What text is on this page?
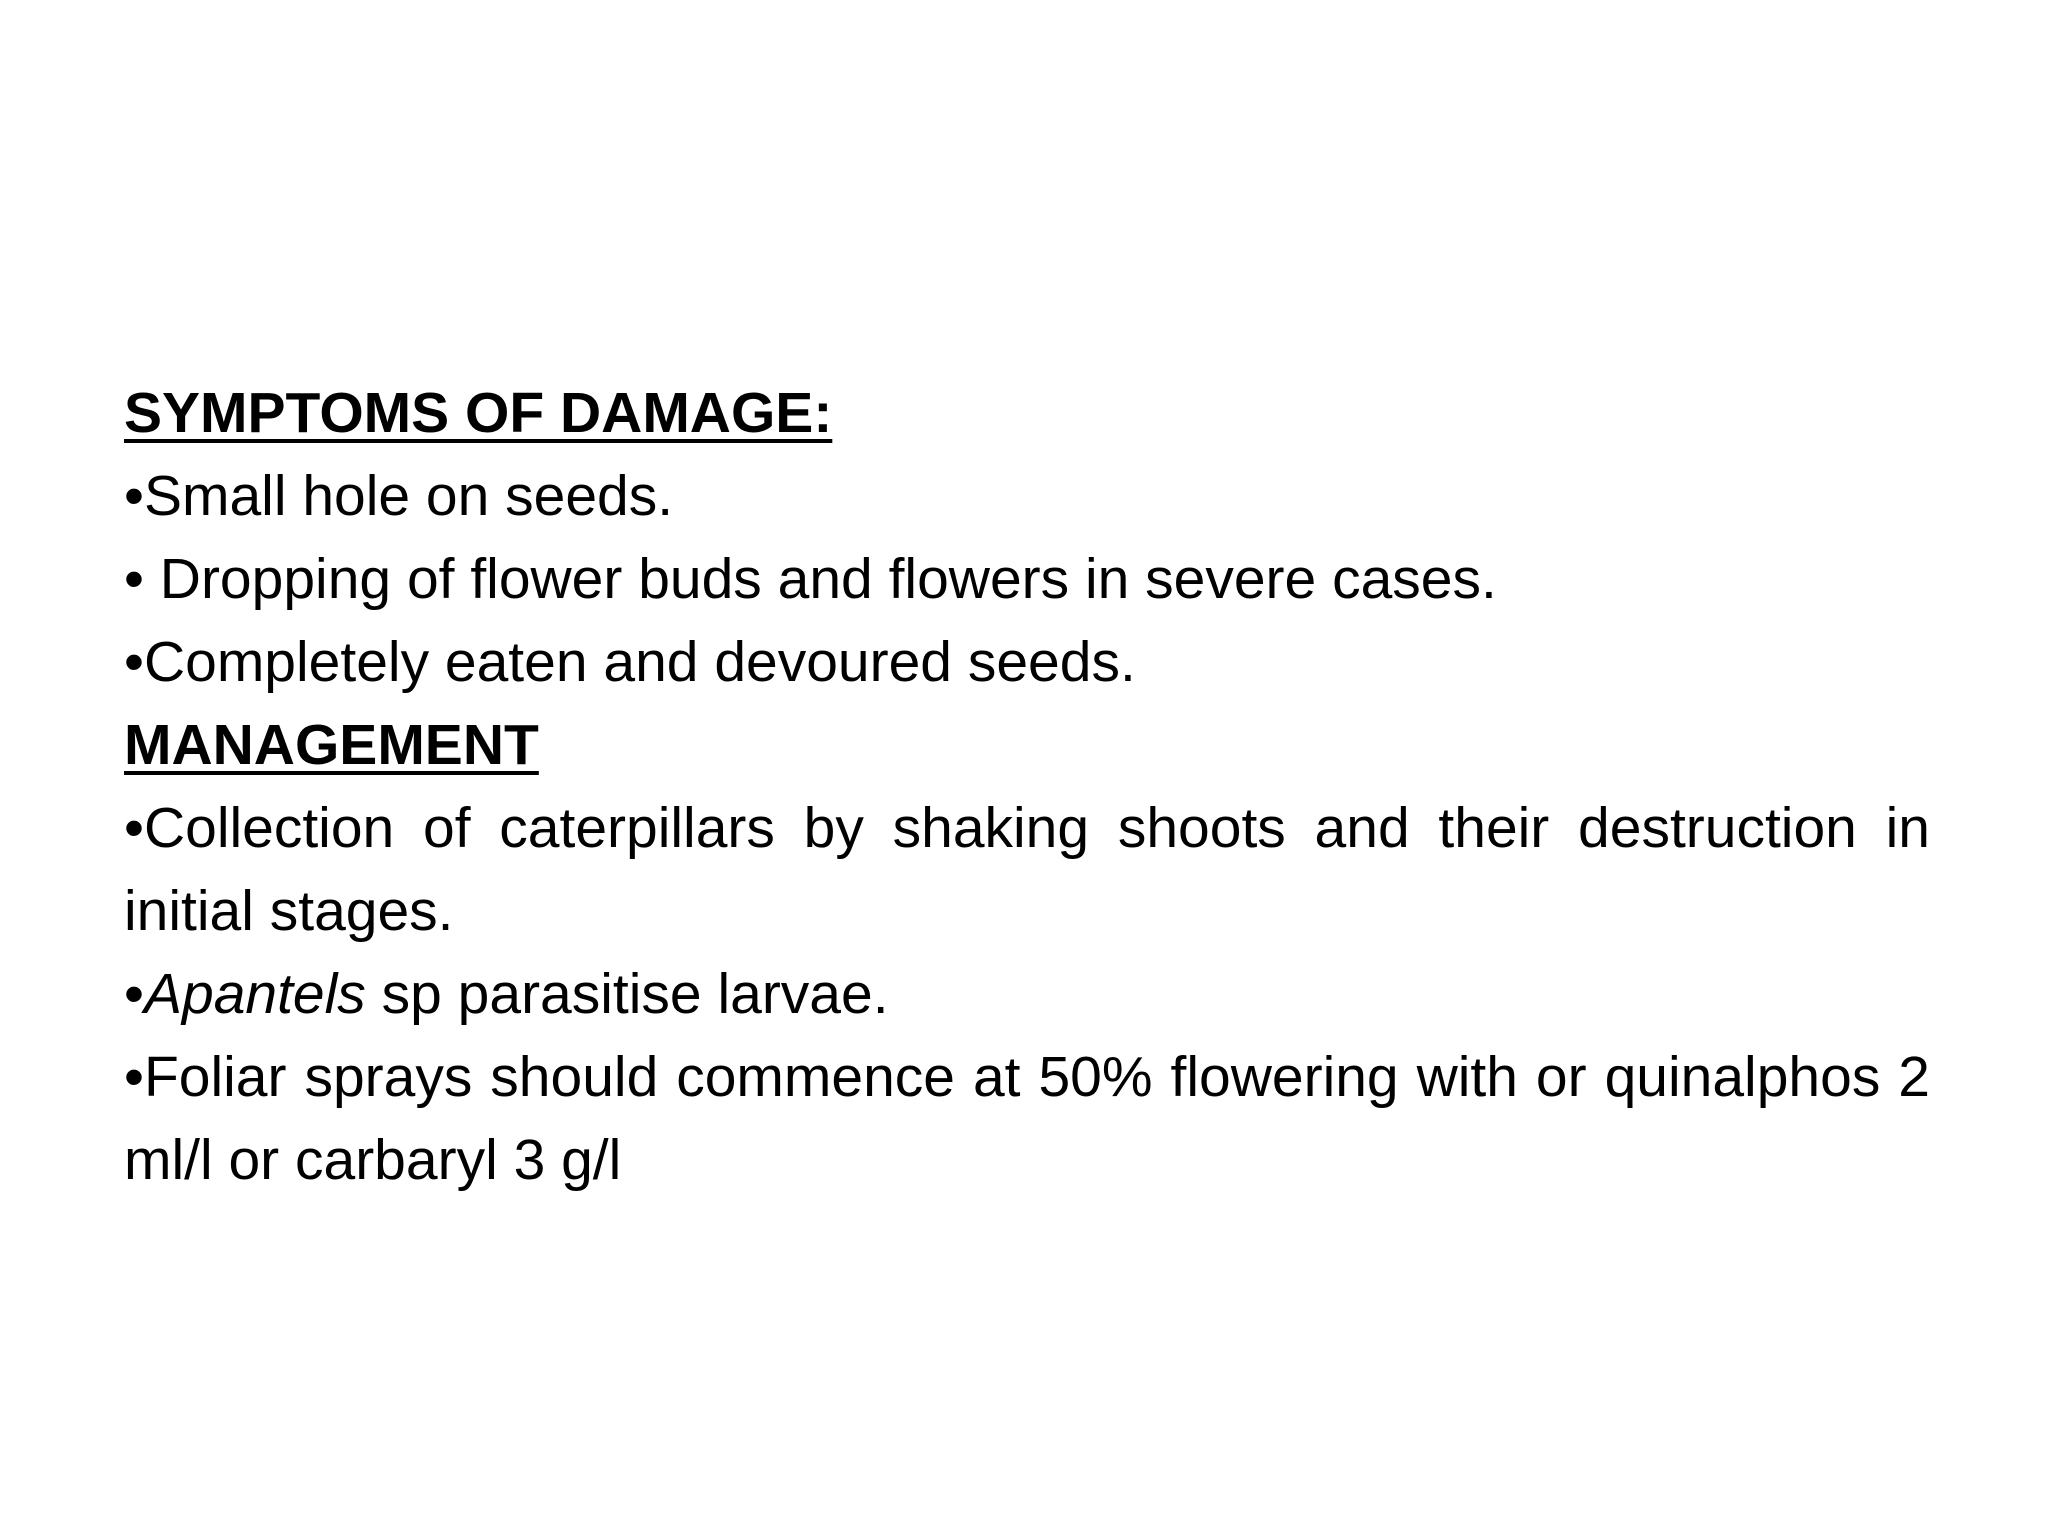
SYMPTOMS OF DAMAGE:

•Small hole on seeds.

• Dropping of flower buds and flowers in severe cases.

•Completely eaten and devoured seeds.

MANAGEMENT

•Collection of caterpillars by shaking shoots and their destruction in initial stages.

•Apantels sp parasitise larvae.

•Foliar sprays should commence at 50% flowering with or quinalphos 2 ml/l or carbaryl 3 g/l
